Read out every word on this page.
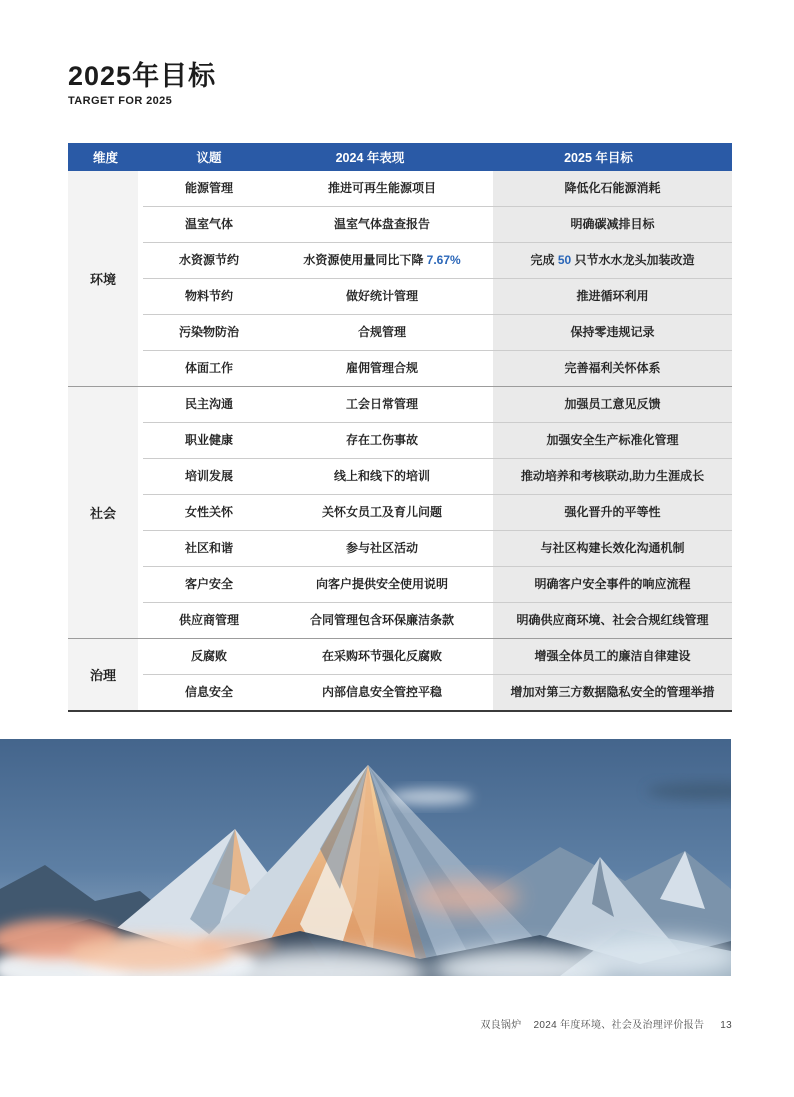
2025年目标
TARGET FOR 2025
维度	议题	2024 年表现	2025 年目标
环境
能源管理	推进可再生能源项目	降低化石能源消耗
温室气体	温室气体盘查报告	明确碳减排目标
水资源节约	水资源使用量同比下降 7.67%	完成 50 只节水水龙头加装改造
物料节约	做好统计管理	推进循环利用
污染物防治	合规管理	保持零违规记录
体面工作	雇佣管理合规	完善福利关怀体系
社会
民主沟通	工会日常管理	加强员工意见反馈
职业健康	存在工伤事故	加强安全生产标准化管理
培训发展	线上和线下的培训	推动培养和考核联动,助力生涯成长
女性关怀	关怀女员工及育儿问题	强化晋升的平等性
社区和谐	参与社区活动	与社区构建长效化沟通机制
客户安全	向客户提供安全使用说明	明确客户安全事件的响应流程
供应商管理	合同管理包含环保廉洁条款	明确供应商环境、社会合规红线管理
治理
反腐败	在采购环节强化反腐败	增强全体员工的廉洁自律建设
信息安全	内部信息安全管控平稳	增加对第三方数据隐私安全的管理举措
双良锅炉 2024 年度环境、社会及治理评价报告 13
